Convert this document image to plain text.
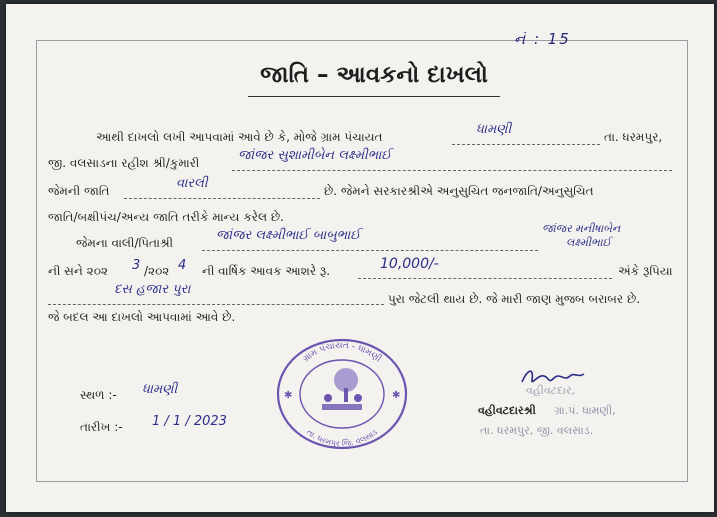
નં : 15
જાતિ – આવકનો દાખલો
આથી દાખલો લખી આપવામાં આવે છે કે, મોજે ગ્રામ પંચાયત	ધામણી	તા. ધરમપુર,
જી. વલસાડના રહીશ શ્રી/કુમારી	જાંજર સુશામીબેન લક્ષ્મીભાઈ
જેમની જાતિ	વારલી	છે. જેમને સરકારશ્રીએ અનુસુચિત જનજાતિ/અનુસુચિત
જાતિ/બક્ષીપંચ/અન્ય જાતિ તરીકે માન્ય કરેલ છે.
જેમના વાલી/પિતાશ્રી	જાંજર લક્ષ્મીભાઈ બાબુભાઈ	જાંજર મનીષાબેન
લક્ષ્મીભાઈ
ની સને ૨૦૨ 3 /૨૦૨ 4 ની વાર્ષિક આવક આશરે રૂ.	10,000/-	અંકે રૂપિયા
દસ હજાર પુરા
પુરા જેટલી થાય છે. જે મારી જાણ મુજબ બરાબર છે.
જે બદલ આ દાખલો આપવામાં આવે છે.
સ્થળ :- ધામણી
તારીખ :- 1 / 1 / 2023
ગ્રામ પંચાયત - ધામણી
તા. ધરમપુર જિ. વલસાડ
✱	✱	વહીવટદાર,
વહીવટદારશ્રી ગ્રા.પં. ધામણી,
તા. ધરમપુર, જી. વલસાડ.
